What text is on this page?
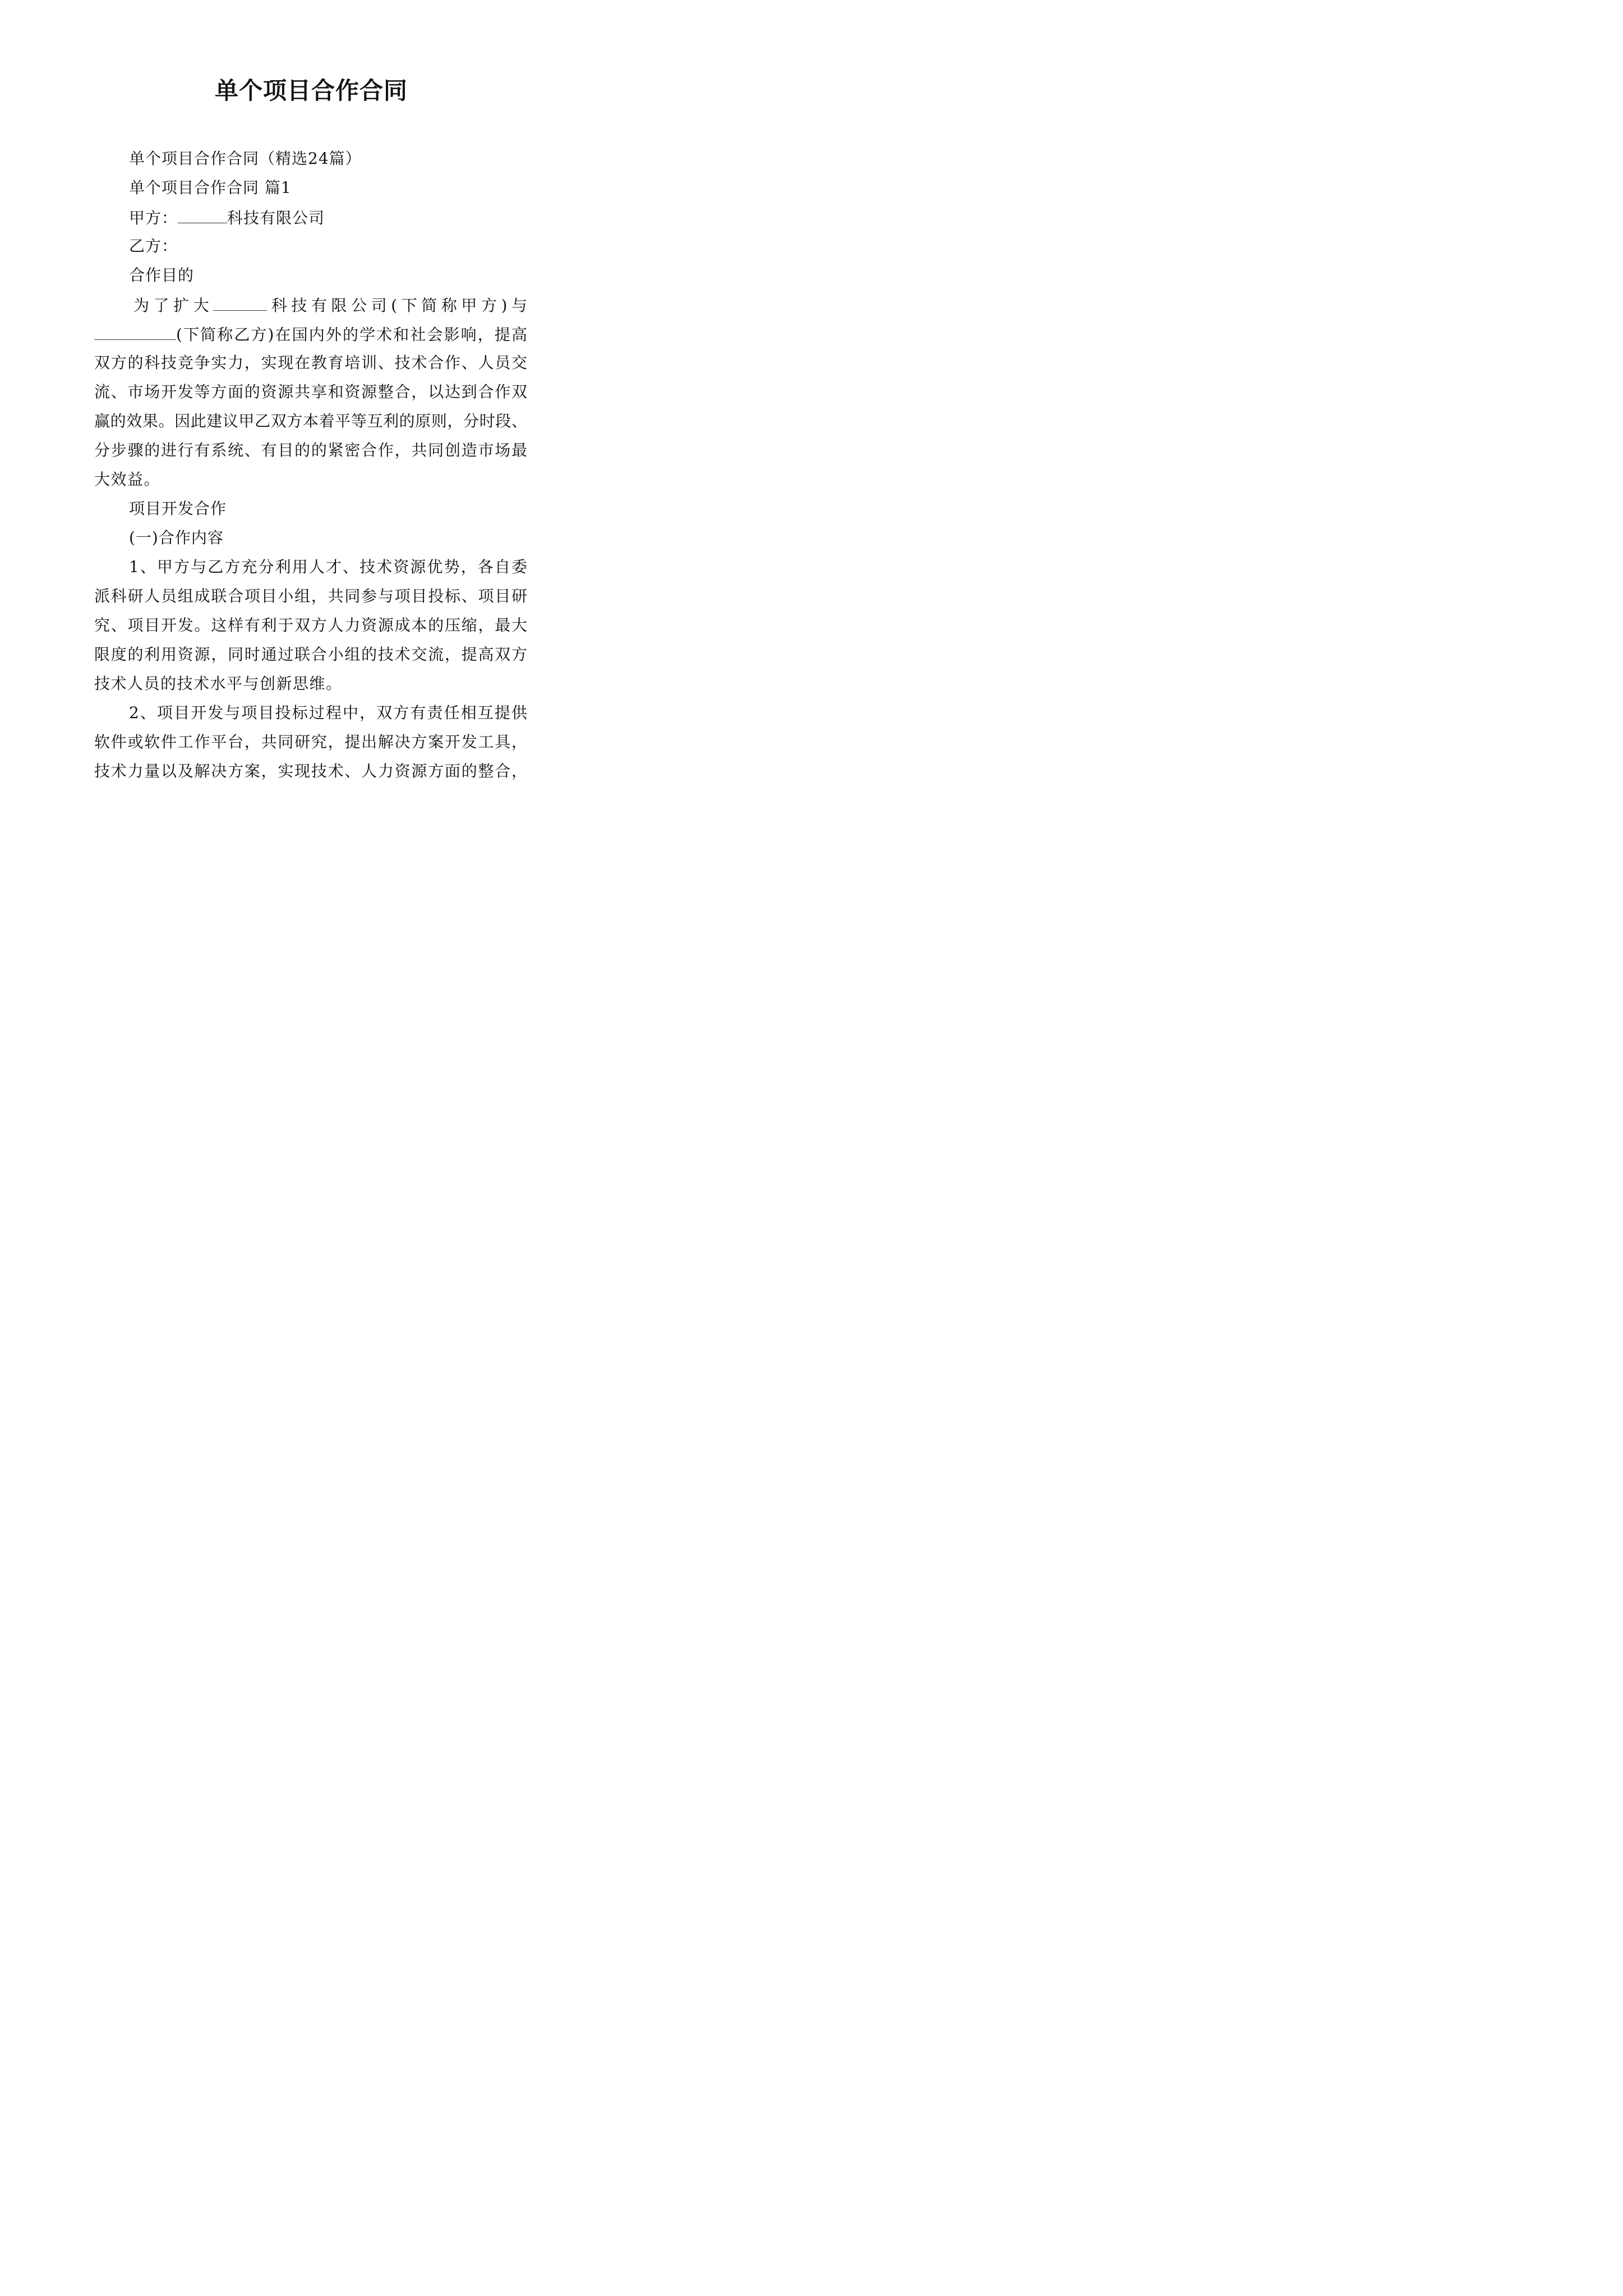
单个项目合作合同

单个项目合作合同（精选24篇）

单个项目合作合同 篇1

甲方：	科技有限公司

乙方：

合作目的

为了扩大	科技有限公司(下简称甲方)与

(下简称乙方)在国内外的学术和社会影响，提高

双方的科技竞争实力，实现在教育培训、技术合作、人员交

流、市场开发等方面的资源共享和资源整合，以达到合作双

赢的效果。因此建议甲乙双方本着平等互利的原则，分时段、

分步骤的进行有系统、有目的的紧密合作，共同创造市场最

大效益。

项目开发合作

(一)合作内容

1、甲方与乙方充分利用人才、技术资源优势，各自委

派科研人员组成联合项目小组，共同参与项目投标、项目研

究、项目开发。这样有利于双方人力资源成本的压缩，最大

限度的利用资源，同时通过联合小组的技术交流，提高双方

技术人员的技术水平与创新思维。

2、项目开发与项目投标过程中，双方有责任相互提供

软件或软件工作平台，共同研究，提出解决方案开发工具，

技术力量以及解决方案，实现技术、人力资源方面的整合，
